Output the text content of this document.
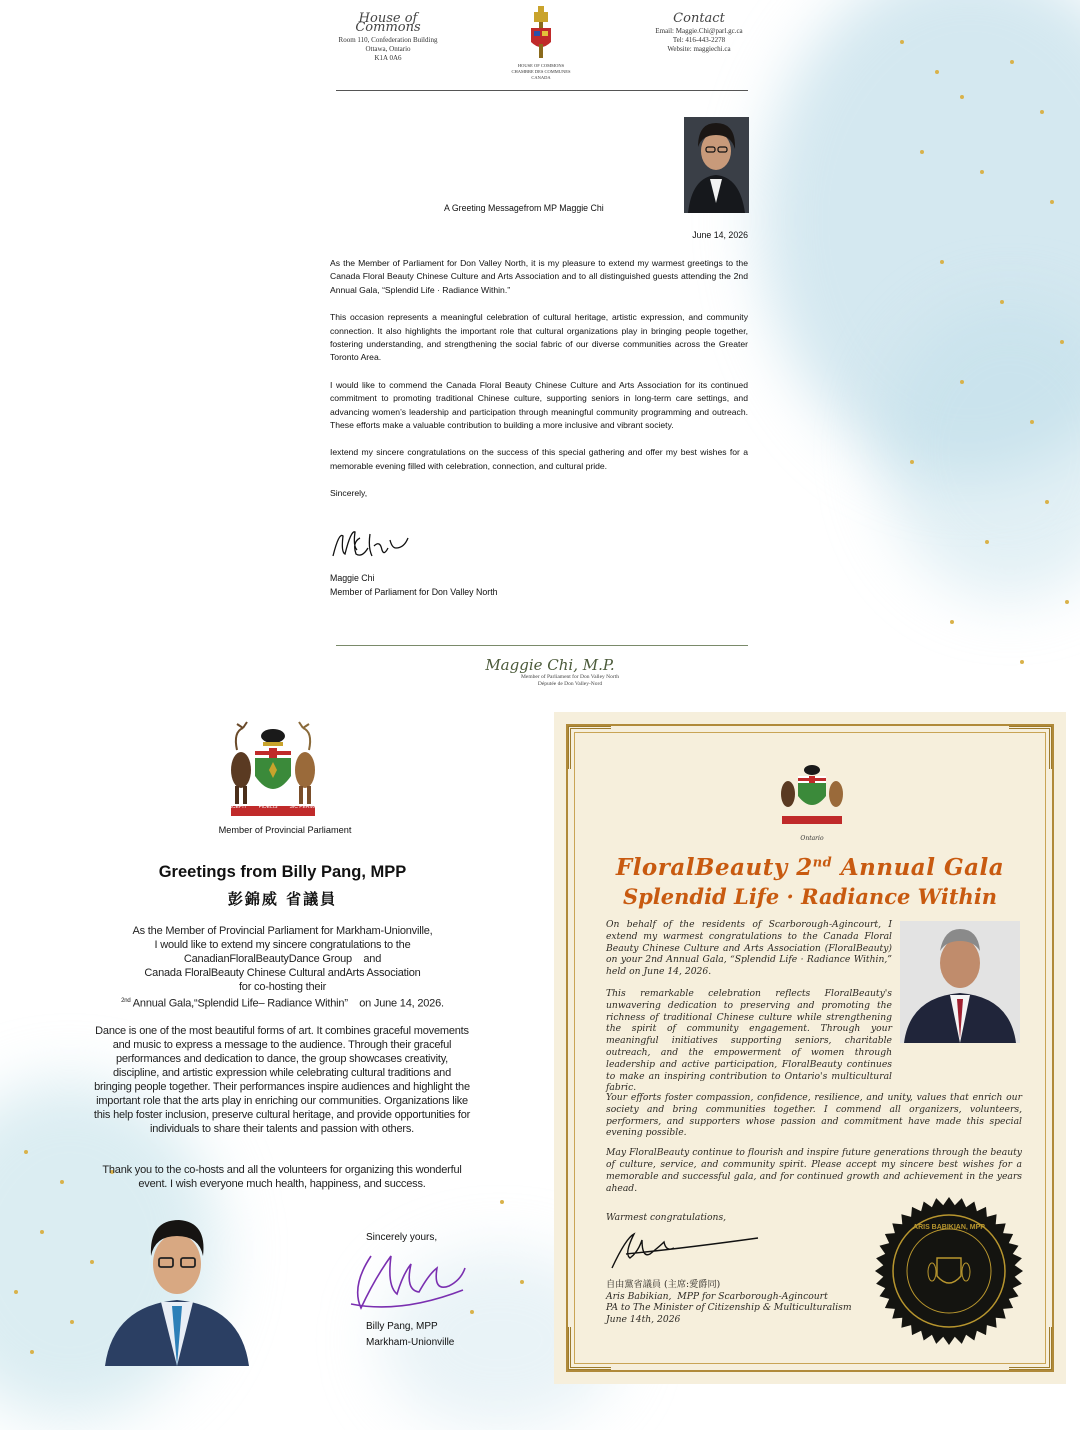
House of Commons
Room 110, Confederation Building
Ottawa, Ontario
K1A 0A6
HOUSE OF COMMONS
CHAMBRE DES COMMUNES
CANADA
Contact
Email: Maggie.Chi@parl.gc.ca
Tel: 416-443-2278
Website: maggiechi.ca
A Greeting Messagefrom MP Maggie Chi
June 14, 2026

As the Member of Parliament for Don Valley North, it is my pleasure to extend my warmest greetings to the Canada Floral Beauty Chinese Culture and Arts Association and to all distinguished guests attending the 2nd Annual Gala, “Splendid Life · Radiance Within.”

This occasion represents a meaningful celebration of cultural heritage, artistic expression, and community connection. It also highlights the important role that cultural organizations play in bringing people together, fostering understanding, and strengthening the social fabric of our diverse communities across the Greater Toronto Area.

I would like to commend the Canada Floral Beauty Chinese Culture and Arts Association for its continued commitment to promoting traditional Chinese culture, supporting seniors in long-term care settings, and advancing women’s leadership and participation through meaningful community programming and outreach. These efforts make a valuable contribution to building a more inclusive and vibrant society.

Iextend my sincere congratulations on the success of this special gathering and offer my best wishes for a memorable evening filled with celebration, connection, and cultural pride.

Sincerely,

Maggie Chi
Member of Parliament for Don Valley North
Maggie Chi, M.P.
Member of Parliament for Don Valley North
Députée de Don Valley-Nord
UT INCEPIT FIDELIS SIC PERMANET
Member of Provincial Parliament
Greetings from Billy Pang, MPP
彭錦威 省議員
As the Member of Provincial Parliament for Markham-Unionville,
I would like to extend my sincere congratulations to the
CanadianFloralBeautyDance Group    and
Canada FloralBeauty Chinese Cultural andArts Association
for co-hosting their
$^{2nd}$ Annual Gala,“Splendid Life– Radiance Within”    on June 14, 2026.
Dance is one of the most beautiful forms of art. It combines graceful movements and music to express a message to the audience. Through their graceful performances and dedication to dance, the group showcases creativity, discipline, and artistic expression while celebrating cultural traditions and bringing people together. Their performances inspire audiences and highlight the important role that the arts play in enriching our communities. Organizations like this help foster inclusion, preserve cultural heritage, and provide opportunities for individuals to share their talents and passion with others.
Thank you to the co-hosts and all the volunteers for organizing this wonderful event. I wish everyone much health, happiness, and success.
Sincerely yours,
Billy Pang, MPP
Markham-Unionville
Ontario
FloralBeauty 2nd Annual Gala
Splendid Life · Radiance Within

On behalf of the residents of Scarborough-Agincourt, I extend my warmest congratulations to the Canada Floral Beauty Chinese Culture and Arts Association (FloralBeauty) on your 2nd Annual Gala, “Splendid Life · Radiance Within,” held on June 14, 2026.

This remarkable celebration reflects FloralBeauty's unwavering dedication to preserving and promoting the richness of traditional Chinese culture while strengthening the spirit of community engagement. Through your meaningful initiatives supporting seniors, charitable outreach, and the empowerment of women through leadership and active participation, FloralBeauty continues to make an inspiring contribution to Ontario's multicultural fabric.

Your efforts foster compassion, confidence, resilience, and unity, values that enrich our society and bring communities together. I commend all organizers, volunteers, performers, and supporters whose passion and commitment have made this special evening possible.

May FloralBeauty continue to flourish and inspire future generations through the beauty of culture, service, and community spirit. Please accept my sincere best wishes for a memorable and successful gala, and for continued growth and achievement in the years ahead.

Warmest congratulations,
自由黨省議員 (主席:愛爵同)
Aris Babikian,  MPP for Scarborough-Agincourt
PA to The Minister of Citizenship & Multiculturalism
June 14th, 2026
ARIS BABIKIAN, MPP
